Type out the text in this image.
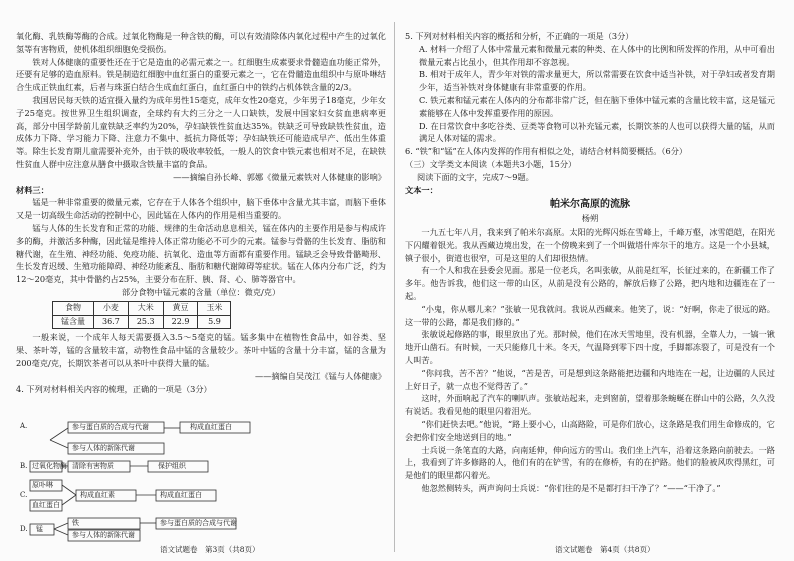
氧化酶、乳铁酶等酶的合成。过氧化物酶是一种含铁的酶，可以有效清除体内氧化过程中产生的过氧化氢等有害物质，使机体组织细胞免受损伤。

铁对人体健康的重要性还在于它是造血的必需元素之一。红细胞生成素要求骨髓造血功能正常外，还要有足够的造血原料。铁是制造红细胞中血红蛋白的重要元素之一，它在骨髓造血组织中与原卟啉结合生成正铁血红素，后者与珠蛋白结合生成血红蛋白，血红蛋白中的铁约占机体铁含量的2/3。

我国居民每天铁的适宜摄入量约为成年男性15毫克，成年女性20毫克，少年男子18毫克，少年女子25毫克。按世界卫生组织调查，全球约有大约三分之一人口缺铁，发展中国家妇女贫血患病率更高，部分中国学龄前儿童铁缺乏率约为20%，孕妇缺铁性贫血达35%。铁缺乏可导致缺铁性贫血，造成体力下降、学习能力下降、注意力不集中、抵抗力降低等；孕妇缺铁还可能造成早产、低出生体重等。除生长发育期儿童需要补充外，由于铁的吸收率较低，一般人的饮食中铁元素也相对不足，在缺铁性贫血人群中应注意从膳食中摄取含铁量丰富的食品。

——摘编自孙长峰、郭娜《微量元素铁对人体健康的影响》

材料三：

锰是一种非常重要的微量元素，它存在于人体各个组织中，脑下垂体中含量尤其丰富，而脑下垂体又是一切高级生命活动的控制中心，因此锰在人体内的作用是相当重要的。

锰与人体的生长发育和正常的功能、规律的生命活动息息相关，锰在体内的主要作用是参与构成许多的酶，并激活多种酶，因此锰是维持人体正常功能必不可少的元素。锰参与骨骼的生长发育、脂肪和糖代谢，在生殖、神经功能、免疫功能、抗氧化、造血等方面都有重要作用。锰缺乏会导致骨骼畸形、生长发育迟缓、生殖功能障碍、神经功能紊乱、脂肪和糖代谢障碍等症状。锰在人体内分布广泛，约为12～20毫克，其中骨骼约占25%，主要分布在肝、胰、肾、心、肺等器官中。

部分食物中锰元素的含量（单位：微克/克）

食物	小麦	大米	黄豆	玉米
锰含量	36.7	25.3	22.9	5.9

一般来说，一个成年人每天需要摄入3.5～5毫克的锰。锰多集中在植物性食品中，如谷类、坚果、茶叶等，锰的含量较丰富，动物性食品中锰的含量较少。茶叶中锰的含量十分丰富，锰的含量为200毫克/克，长期饮茶者可以从茶叶中获得大量的锰。

——摘编自吴茂江《锰与人体健康》

4. 下列对材料相关内容的梳理，正确的一项是（3分）

A.	参与蛋白质的合成与代谢	构成血红蛋白
参与人体的新陈代谢
B. 过氧化物酶 清除有害物质	保护组织
C.
原卟啉
血红蛋白
构成血红素	构成血红蛋白
D. 锰
铁
参与人体的新陈代谢
参与蛋白质的合成与代谢
语文试题卷　第3页（共8页）

5. 下列对材料相关内容的概括和分析，不正确的一项是（3分）

A. 材料一介绍了人体中常量元素和微量元素的种类、在人体中的比例和所发挥的作用，从中可看出微量元素占比虽小，但其作用却不容忽视。

B. 相对于成年人，青少年对铁的需求量更大，所以常需要在饮食中适当补铁，对于孕妇或者发育期少年，适当补铁对身体健康有非常重要的作用。

C. 铁元素和锰元素在人体内的分布都非常广泛，但在脑下垂体中锰元素的含量比较丰富，这是锰元素能够在人体中发挥重要作用的原因。

D. 在日常饮食中多吃谷类、豆类等食物可以补充锰元素，长期饮茶的人也可以获得大量的锰，从而满足人体对锰的需求。

6. “铁”和“锰”在人体内发挥的作用有相似之处，请结合材料简要概括。（6分）

（三）文学类文本阅读（本题共3小题，15分）

阅读下面的文字，完成7～9题。

文本一：

帕米尔高原的流脉

杨朔

一九五七年八月，我来到了帕米尔高原。太阳的光辉闪烁在雪峰上，千峰万壑，冰雪皑皑，在阳光下闪耀着银光。我从西藏边境出发，在一个傍晚来到了一个叫做塔什库尔干的地方。这是一个小县城，镇子很小，街道也很窄，可是这里的人们却很热情。

有一个人和我在县委会见面。那是一位老兵，名叫张敏，从前是红军，长征过来的，在新疆工作了多年。他告诉我，他们这一带的山区，从前是没有公路的，解放后修了公路，把内地和边疆连在了一起。

“小鬼，你从哪儿来？”张敏一见我就问。我说从西藏来。他笑了，说：“好啊，你走了很远的路。这一带的公路，都是我们修的。”

张敏说起修路的事，眼里放出了光。那时候，他们在冰天雪地里，没有机器，全靠人力，一镐一锹地开山凿石。有时候，一天只能修几十米。冬天，气温降到零下四十度，手脚都冻裂了，可是没有一个人叫苦。

“你问我，苦不苦？”他说，“苦是苦，可是想到这条路能把边疆和内地连在一起，让边疆的人民过上好日子，就一点也不觉得苦了。”

这时，外面响起了汽车的喇叭声。张敏站起来，走到窗前，望着那条蜿蜒在群山中的公路，久久没有说话。我看见他的眼里闪着泪光。

“你们赶快去吧。”他说，“路上要小心，山高路险，可是你们放心，这条路是我们用生命修成的，它会把你们安全地送到目的地。”

士兵说一条笔直的大路，向南延伸，伸向远方的雪山。我们坐上汽车，沿着这条路向前驶去。一路上，我看到了许多修路的人，他们有的在铲雪，有的在修桥，有的在护路。他们的脸被风吹得黑红，可是他们的眼里都闪着光。

他忽然侧转头，两声询问士兵说：“你们往的是不是都打扫干净了？”——“干净了。”

语文试题卷　第4页（共8页）
